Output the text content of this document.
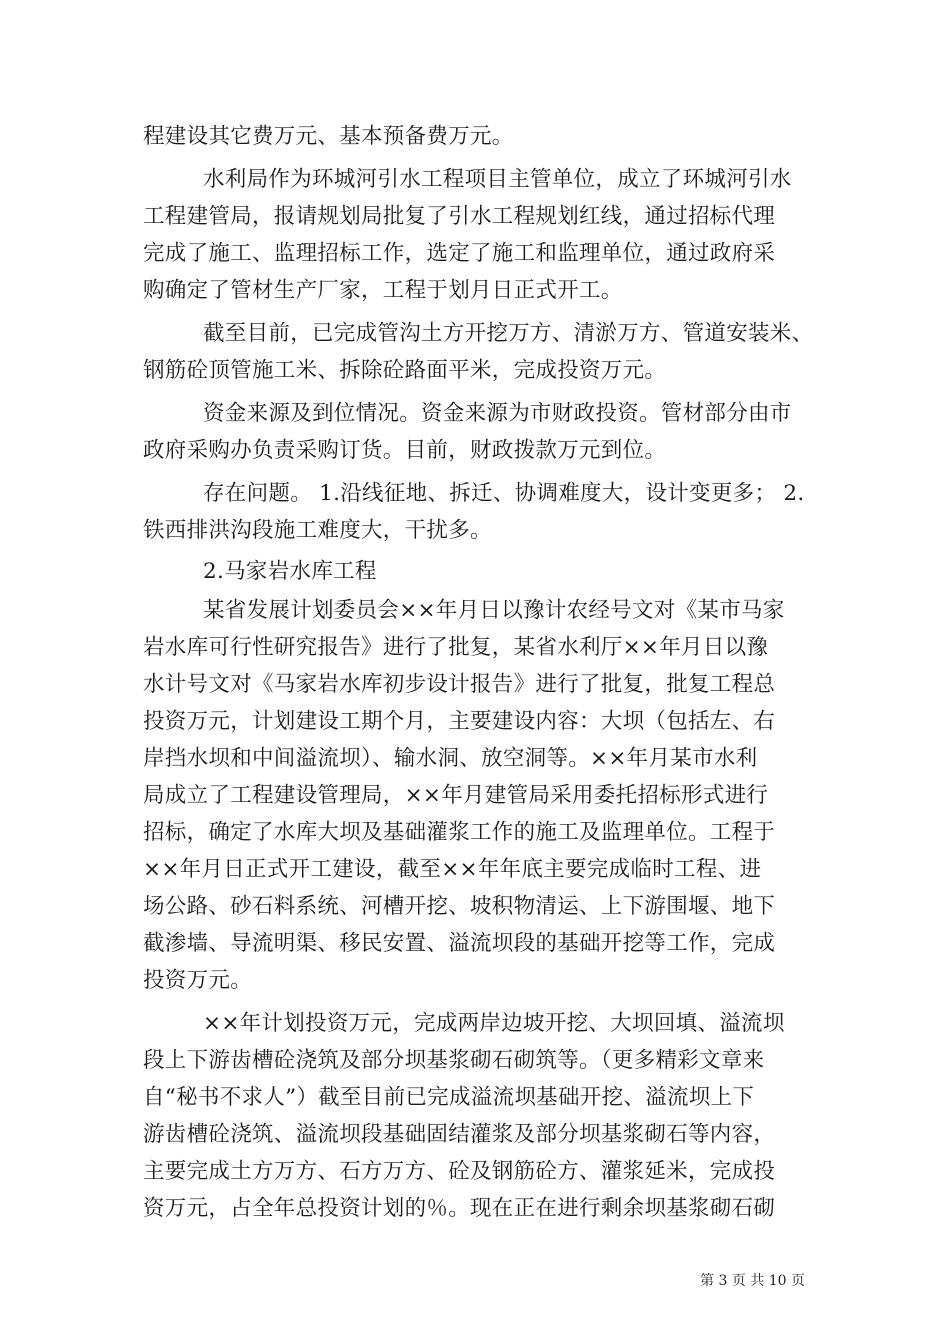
程建设其它费万元、基本预备费万元。
水利局作为环城河引水工程项目主管单位，成立了环城河引水
工程建管局，报请规划局批复了引水工程规划红线，通过招标代理
完成了施工、监理招标工作，选定了施工和监理单位，通过政府采
购确定了管材生产厂家，工程于划月日正式开工。
截至目前，已完成管沟土方开挖万方、清淤万方、管道安装米、
钢筋砼顶管施工米、拆除砼路面平米，完成投资万元。
资金来源及到位情况。资金来源为市财政投资。管材部分由市
政府采购办负责采购订货。目前，财政拨款万元到位。
存在问题。 1.沿线征地、拆迁、协调难度大，设计变更多； 2.
铁西排洪沟段施工难度大，干扰多。
2.马家岩水库工程
某省发展计划委员会××年月日以豫计农经号文对《某市马家
岩水库可行性研究报告》进行了批复，某省水利厅××年月日以豫
水计号文对《马家岩水库初步设计报告》进行了批复，批复工程总
投资万元，计划建设工期个月，主要建设内容：大坝（包括左、右
岸挡水坝和中间溢流坝）、输水洞、放空洞等。××年月某市水利
局成立了工程建设管理局，××年月建管局采用委托招标形式进行
招标，确定了水库大坝及基础灌浆工作的施工及监理单位。工程于
××年月日正式开工建设，截至××年年底主要完成临时工程、进
场公路、砂石料系统、河槽开挖、坡积物清运、上下游围堰、地下
截渗墙、导流明渠、移民安置、溢流坝段的基础开挖等工作，完成
投资万元。
××年计划投资万元，完成两岸边坡开挖、大坝回填、溢流坝
段上下游齿槽砼浇筑及部分坝基浆砌石砌筑等。（更多精彩文章来
自“秘书不求人”）截至目前已完成溢流坝基础开挖、溢流坝上下
游齿槽砼浇筑、溢流坝段基础固结灌浆及部分坝基浆砌石等内容，
主要完成土方万方、石方万方、砼及钢筋砼方、灌浆延米，完成投
资万元，占全年总投资计划的％。现在正在进行剩余坝基浆砌石砌
第 3 页 共 10 页
